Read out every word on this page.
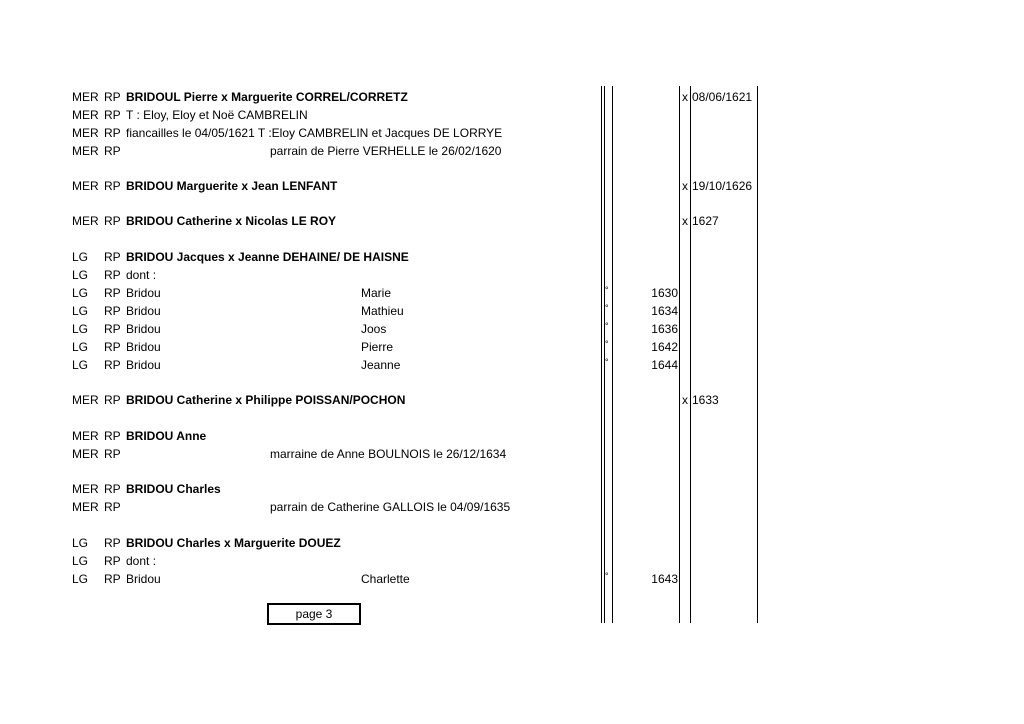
MER RP BRIDOUL Pierre x Marguerite CORREL/CORRETZ	x 08/06/1621
MER RP T : Eloy, Eloy et Noë CAMBRELIN
MER RP fiancailles le 04/05/1621 T :Eloy CAMBRELIN et Jacques DE LORRYE
MER RP	parrain de Pierre VERHELLE le 26/02/1620
MER RP BRIDOU Marguerite x Jean LENFANT	x 19/10/1626
MER RP BRIDOU Catherine x Nicolas LE ROY	x 1627
LG RP BRIDOU Jacques x Jeanne DEHAINE/ DE HAISNE
LG RP dont :
LG RP Bridou	Marie	°	1630
LG RP Bridou	Mathieu	°	1634
LG RP Bridou	Joos	°	1636
LG RP Bridou	Pierre	°	1642
LG RP Bridou	Jeanne	°	1644
MER RP BRIDOU Catherine x Philippe POISSAN/POCHON	x 1633
MER RP BRIDOU Anne
MER RP	marraine de Anne BOULNOIS le 26/12/1634
MER RP BRIDOU Charles
MER RP	parrain de Catherine GALLOIS le 04/09/1635
LG RP BRIDOU Charles x Marguerite DOUEZ
LG RP dont :
LG RP Bridou	Charlette	°	1643
page 3
